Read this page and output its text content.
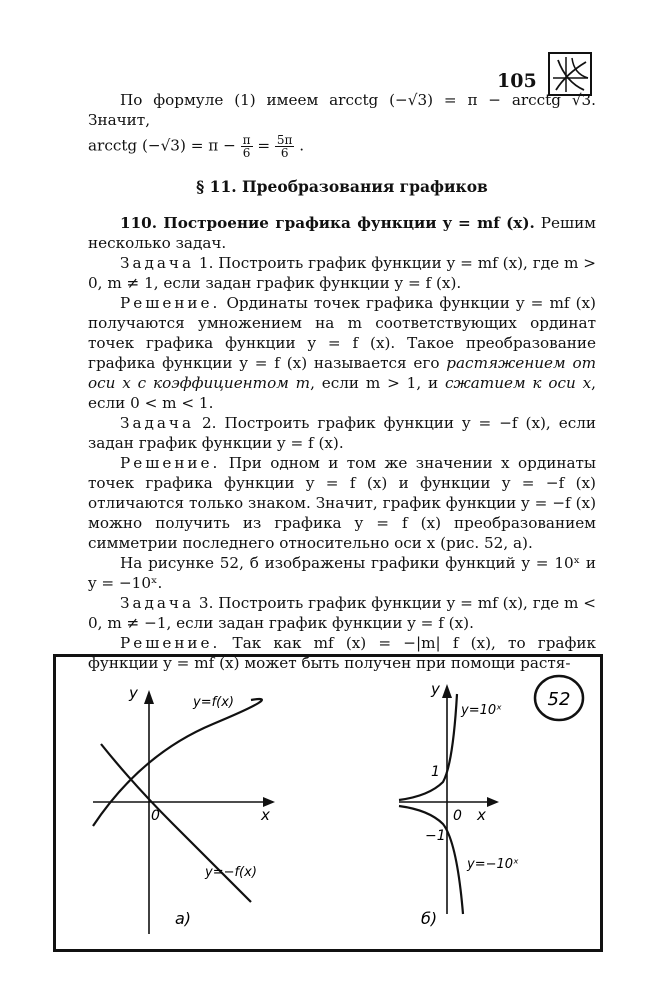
105

По формуле (1) имеем arcctg (−√3) = π − arcctg √3. Значит,

arcctg $(-√3) = \pi - \frac{\pi}{6} = \frac{5\pi}{6}$ .

§ 11. Преобразования графиков

110. Построение графика функции y = mf (x). Решим несколько задач.

Задача 1. Построить график функции y = mf (x), где m > 0, m ≠ 1, если задан график функции y = f (x).

Решение. Ординаты точек графика функции y = mf (x) получаются умножением на m соответствующих ординат точек графика функции y = f (x). Такое преобразование графика функции y = f (x) называется его растяжением от оси x с коэффициентом m, если m > 1, и сжатием к оси x, если 0 < m < 1.

Задача 2. Построить график функции y = −f (x), если задан график функции y = f (x).

Решение. При одном и том же значении x ординаты точек графика функции y = f (x) и функции y = −f (x) отличаются только знаком. Значит, график функции y = −f (x) можно получить из графика y = f (x) преобразованием симметрии последнего относительно оси x (рис. 52, а).

На рисунке 52, б изображены графики функций y = 10ˣ и y = −10ˣ.

Задача 3. Построить график функции y = mf (x), где m < 0, m ≠ −1, если задан график функции y = f (x).

Решение. Так как mf (x) = −|m| f (x), то график функции y = mf (x) может быть получен при помощи растя-

52
y
x
0
y=f(x)
y=−f(x)
а)
y
x
0
1
−1
y=10ˣ
y=−10ˣ
б)
